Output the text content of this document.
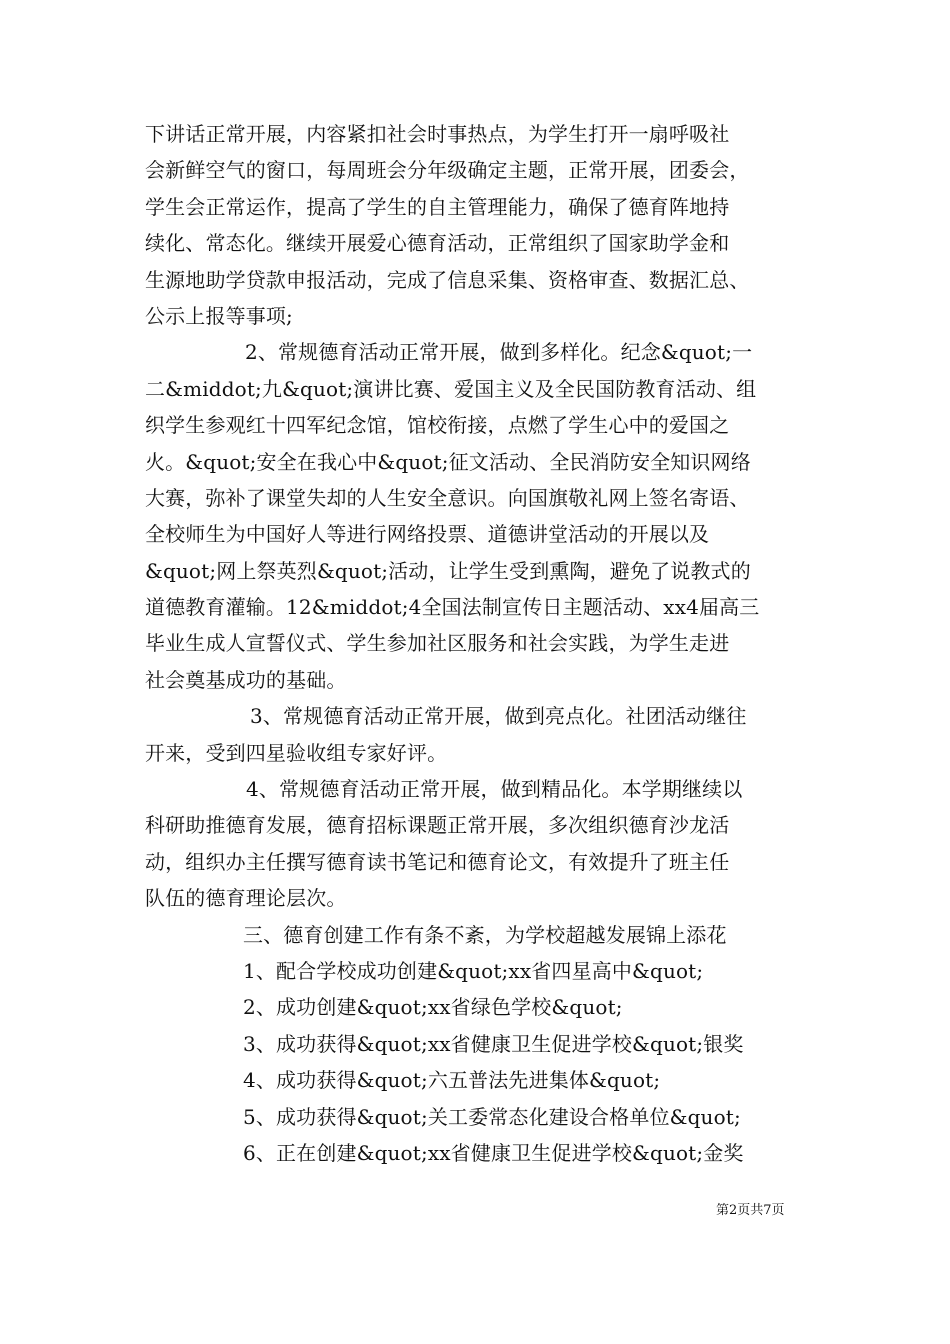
下讲话正常开展，内容紧扣社会时事热点，为学生打开一扇呼吸社
会新鲜空气的窗口，每周班会分年级确定主题，正常开展，团委会，
学生会正常运作，提高了学生的自主管理能力，确保了德育阵地持
续化、常态化。继续开展爱心德育活动，正常组织了国家助学金和
生源地助学贷款申报活动，完成了信息采集、资格审查、数据汇总、
公示上报等事项;
2、常规德育活动正常开展，做到多样化。纪念&quot;一
二&middot;九&quot;演讲比赛、爱国主义及全民国防教育活动、组
织学生参观红十四军纪念馆，馆校衔接，点燃了学生心中的爱国之
火。&quot;安全在我心中&quot;征文活动、全民消防安全知识网络
大赛，弥补了课堂失却的人生安全意识。向国旗敬礼网上签名寄语、
全校师生为中国好人等进行网络投票、道德讲堂活动的开展以及
&quot;网上祭英烈&quot;活动，让学生受到熏陶，避免了说教式的
道德教育灌输。12&middot;4全国法制宣传日主题活动、xx4届高三
毕业生成人宣誓仪式、学生参加社区服务和社会实践，为学生走进
社会奠基成功的基础。
3、常规德育活动正常开展，做到亮点化。社团活动继往
开来，受到四星验收组专家好评。
4、常规德育活动正常开展，做到精品化。本学期继续以
科研助推德育发展，德育招标课题正常开展，多次组织德育沙龙活
动，组织办主任撰写德育读书笔记和德育论文，有效提升了班主任
队伍的德育理论层次。
三、德育创建工作有条不紊，为学校超越发展锦上添花
1、配合学校成功创建&quot;xx省四星高中&quot;
2、成功创建&quot;xx省绿色学校&quot;
3、成功获得&quot;xx省健康卫生促进学校&quot;银奖
4、成功获得&quot;六五普法先进集体&quot;
5、成功获得&quot;关工委常态化建设合格单位&quot;
6、正在创建&quot;xx省健康卫生促进学校&quot;金奖
第2页共7页
